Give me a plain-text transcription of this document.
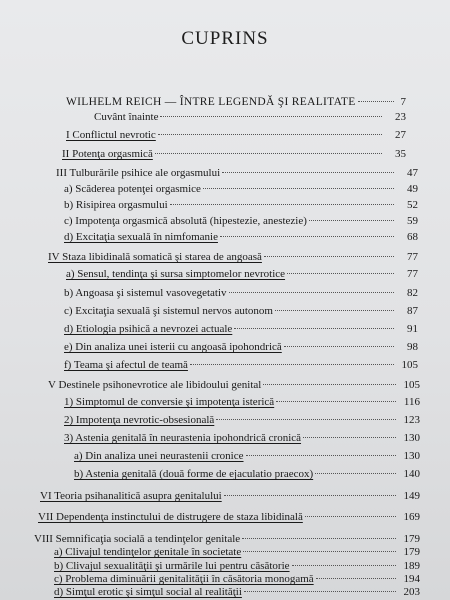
CUPRINS
WILHELM REICH — ÎNTRE LEGENDĂ ŞI REALITATE	7
Cuvânt înainte	23
I Conflictul nevrotic	27
II Potenţa orgasmică	35
III Tulburările psihice ale orgasmului	47
a) Scăderea potenţei orgasmice	49
b) Risipirea orgasmului	52
c) Impotenţa orgasmică absolută (hipestezie, anestezie)	59
d) Excitaţia sexuală în nimfomanie	68
IV Staza libidinală somatică şi starea de angoasă	77
a) Sensul, tendinţa şi sursa simptomelor nevrotice	77
b) Angoasa şi sistemul vasovegetativ	82
c) Excitaţia sexuală şi sistemul nervos autonom	87
d) Etiologia psihică a nevrozei actuale	91
e) Din analiza unei isterii cu angoasă ipohondrică	98
f) Teama şi afectul de teamă	105
V Destinele psihonevrotice ale libidoului genital	105
1) Simptomul de conversie şi impotenţa isterică	116
2) Impotenţa nevrotic-obsesională	123
3) Astenia genitală în neurastenia ipohondrică cronică	130
a) Din analiza unei neurastenii cronice	130
b) Astenia genitală (două forme de ejaculatio praecox)	140
VI Teoria psihanalitică asupra genitalului	149
VII Dependenţa instinctului de distrugere de staza libidinală	169
VIII Semnificaţia socială a tendinţelor genitale	179
a) Clivajul tendinţelor genitale în societate	179
b) Clivajul sexualităţii şi urmările lui pentru căsătorie	189
c) Problema diminuării genitalităţii în căsătoria monogamă	194
d) Simţul erotic şi simţul social al realităţii	203
